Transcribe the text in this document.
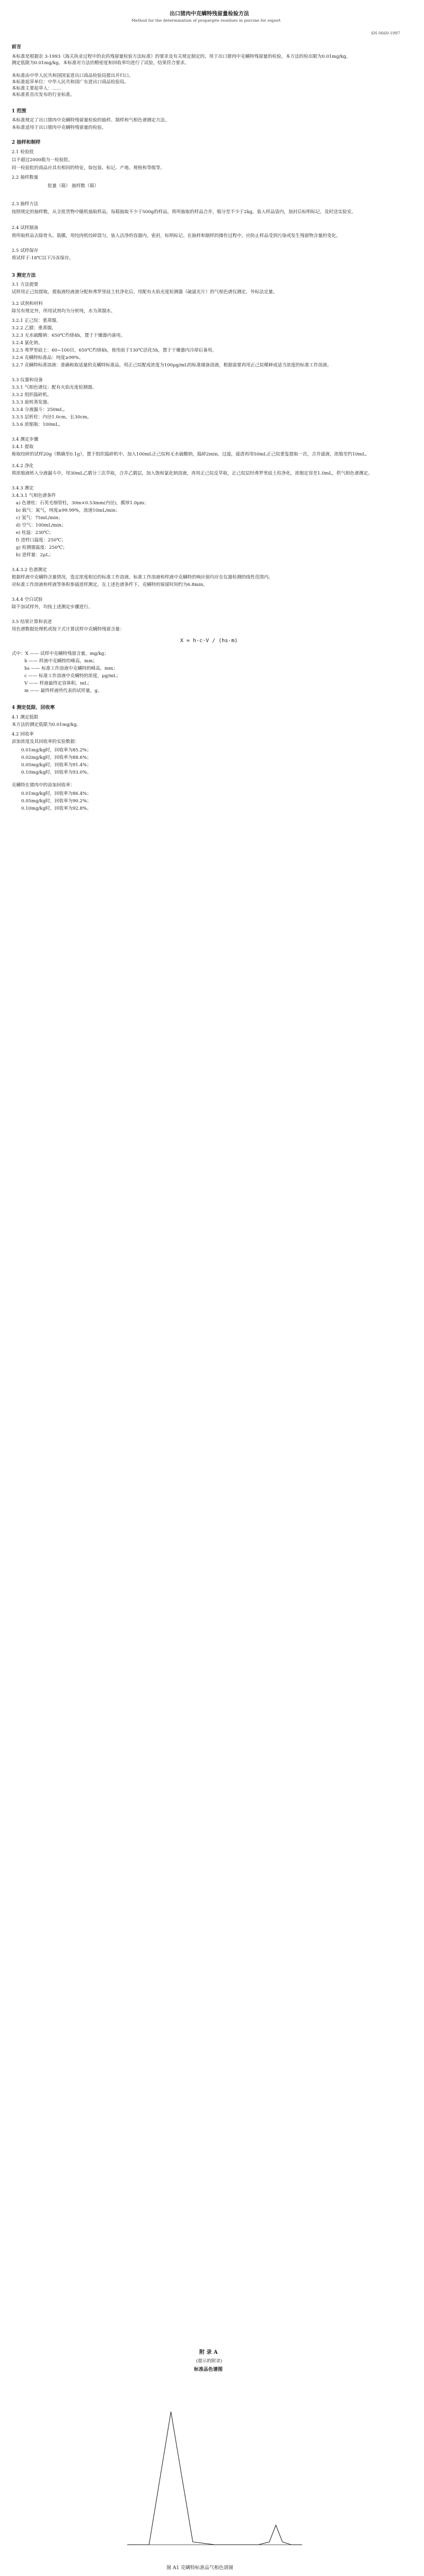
出口猪肉中克螨特残留量检验方法
Method for the determination of propargite residues in porcine for export
SN 0660-1997
前言
本标准是根据农 3-1993《海关执业过程中的农药残留量检验方法标准》的要求及有关规定制定的，用于出口猪肉中克螨特残留量的检验。本方法的检出限为0.01mg/kg，
测定低限为0.01mg/kg。本标准对方法的精密度和回收率均进行了试验，结果符合要求。
本标准由中华人民共和国国家进出口商品检验局提出并归口。
本标准起草单位：中华人民共和国广东进出口商品检验局。
本标准主要起草人：……
本标准系首次发布的行业标准。
1 范围
本标准规定了出口猪肉中克螨特残留量检验的抽样、制样和气相色谱测定方法。
本标准适用于出口猪肉中克螨特残留量的检验。
2 抽样和制样
2.1 检验批
以不超过2000箱为一检验批。
同一检验批的商品应具有相同的特征，如包装、标记、产地、规格和等级等。
2.2 抽样数量
批量（箱） 抽样数（箱）
2.3 抽样方法
按照规定的抽样数，从全批货物中随机抽取样品，每箱抽取不少于500g的样品，将所抽取的样品合并，缩分至不少于2kg，装入样品袋内，加封后标明标记，及时送实验室。
2.4 试样制备
将所取样品去除骨头、筋膜，用绞肉机绞碎混匀，装入洁净的容器内，密封，标明标记。在抽样和制样的操作过程中，应防止样品受到污染或发生残留物含量的变化。
2.5 试样保存
将试样于-18℃以下冷冻保存。
3 测定方法
3.1 方法提要
试样用正己烷提取，提取液经液液分配和弗罗里硅土柱净化后，用配有火焰光度检测器（硫滤光片）的气相色谱仪测定，外标法定量。
3.2 试剂和材料
除另有规定外，所用试剂均为分析纯，水为蒸馏水。
3.2.1 正己烷：重蒸馏。
3.2.2 乙腈：重蒸馏。
3.2.3 无水硫酸钠：650℃灼烧4h，置于干燥器内备用。
3.2.4 氯化钠。
3.2.5 弗罗里硅土：60~100目，650℃灼烧4h，使用前于130℃活化5h，置于干燥器内冷却后备用。
3.2.6 克螨特标准品：纯度≥99%。
3.2.7 克螨特标准溶液：准确称取适量的克螨特标准品，用正己烷配成浓度为100μg/mL的标准储备溶液，根据需要再用正己烷稀释成适当浓度的标准工作溶液。
3.3 仪器和设备
3.3.1 气相色谱仪：配有火焰光度检测器。
3.3.2 组织捣碎机。
3.3.3 旋转蒸发器。
3.3.4 分液漏斗：250mL。
3.3.5 层析柱：内径1.0cm，长30cm。
3.3.6 浓缩瓶：100mL。
3.4 测定步骤
3.4.1 提取
称取绞碎的试样20g（精确至0.1g），置于组织捣碎机中，加入100mL正己烷和无水硫酸钠，捣碎2min，过滤，滤渣再用50mL正己烷重复提取一次，合并滤液，浓缩至约10mL。
3.4.2 净化
将浓缩液转入分液漏斗中，用30mL乙腈分三次萃取，合并乙腈层，加入饱和氯化钠溶液，再用正己烷反萃取，正己烷层经弗罗里硅土柱净化，浓缩定容至1.0mL，供气相色谱测定。
3.4.3 测定
3.4.3.1 气相色谱条件
a) 色谱柱：石英毛细管柱，30m×0.53mm(内径)，膜厚1.0μm；
b) 载气：氮气，纯度≥99.99%，流速10mL/min；
c) 氢气：75mL/min；
d) 空气：100mL/min；
e) 柱温：230℃；
f) 进样口温度：250℃；
g) 检测器温度：250℃；
h) 进样量：2μL；
3.4.3.2 色谱测定
根据样液中克螨特含量情况，选定浓度相近的标准工作溶液。标准工作溶液和样液中克螨特的响应值均应在仪器检测的线性范围内。
对标准工作溶液和样液等体积参插进样测定。在上述色谱条件下，克螨特的保留时间约为6.8min。
3.4.4 空白试验
除不加试样外，均按上述测定步骤进行。
3.5 结果计算和表述
用色谱数据处理机或按下式计算试样中克螨特残留含量：
X = h·c·V / (hs·m)
式中：X —— 试样中克螨特残留含量，mg/kg；
h —— 样液中克螨特的峰高，mm；
hs —— 标准工作溶液中克螨特的峰高，mm；
c —— 标准工作溶液中克螨特的浓度，μg/mL；
V —— 样液最终定容体积，mL；
m —— 最终样液所代表的试样量，g。
4 测定低限、回收率
4.1 测定低限
本方法的测定低限为0.01mg/kg。
4.2 回收率
添加浓度及其回收率的实验数据：
0.01mg/kg时，回收率为85.2%；
0.02mg/kg时，回收率为88.6%；
0.05mg/kg时，回收率为91.4%；
0.10mg/kg时，回收率为93.0%。
克螨特在猪肉中的添加回收率：
0.01mg/kg时，回收率为86.4%；
0.05mg/kg时，回收率为90.2%；
0.10mg/kg时，回收率为92.8%。
附 录 A
(提示的附录)
标准品色谱图
图 A1 克螨特标准品气相色谱图
